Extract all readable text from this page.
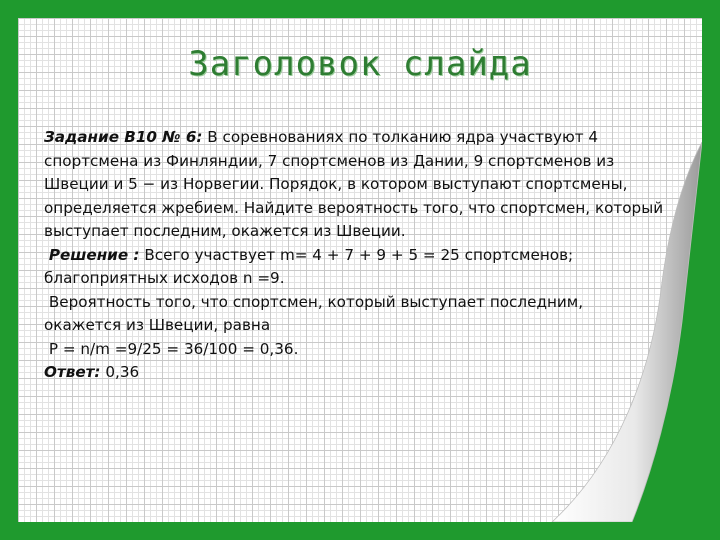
Заголовок слайда

Задание B10 № 6: В соревнованиях по толканию ядра участвуют 4 спортсмена из Финляндии, 7 спортсменов из Дании, 9 спортсменов из Швеции и 5 − из Норвегии. Порядок, в котором выступают спортсмены, определяется жребием. Найдите вероятность того, что спортсмен, который выступает последним, окажется из Швеции.

Решение : Всего участвует m= 4 + 7 + 9 + 5 = 25 спортсменов; благоприятных исходов n =9.

Вероятность того, что спортсмен, который выступает последним, окажется из Швеции, равна

P = n/m =9/25 = 36/100 = 0,36.

Ответ: 0,36
